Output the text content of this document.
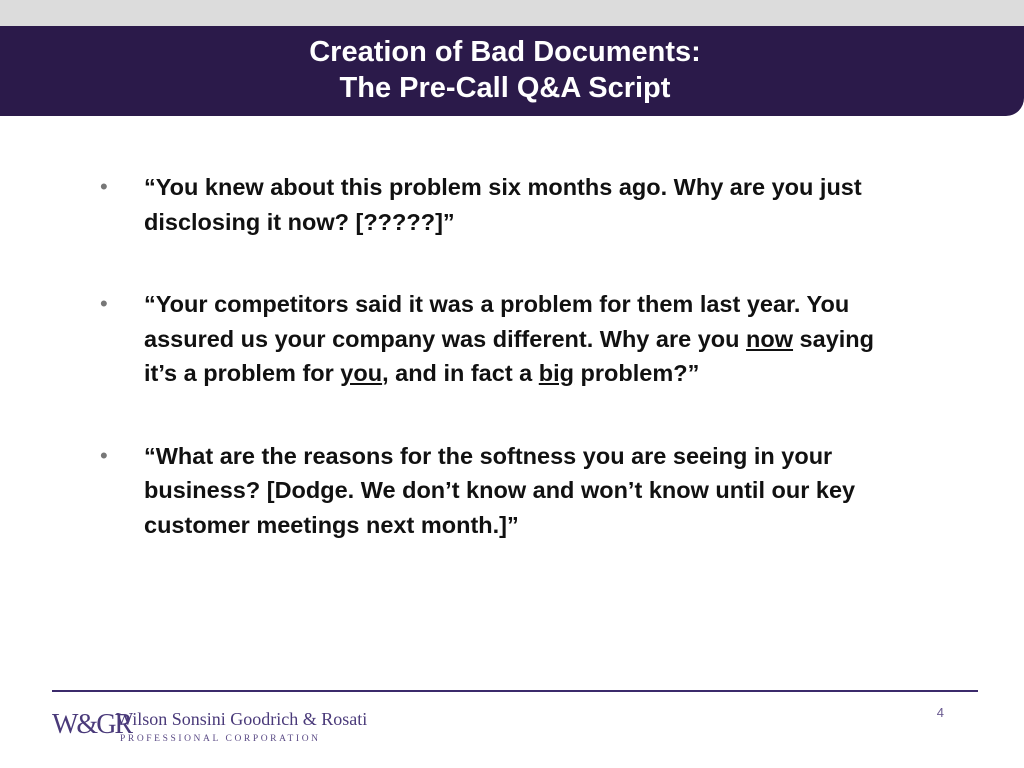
Creation of Bad Documents:
The Pre-Call Q&A Script
• “You knew about this problem six months ago. Why are you just disclosing it now? [?????]”
• “Your competitors said it was a problem for them last year. You assured us your company was different. Why are you now saying it’s a problem for you, and in fact a big problem?”
• “What are the reasons for the softness you are seeing in your business? [Dodge. We don’t know and won’t know until our key customer meetings next month.]”
W&GR
Wilson Sonsini Goodrich & Rosati
PROFESSIONAL CORPORATION
4
